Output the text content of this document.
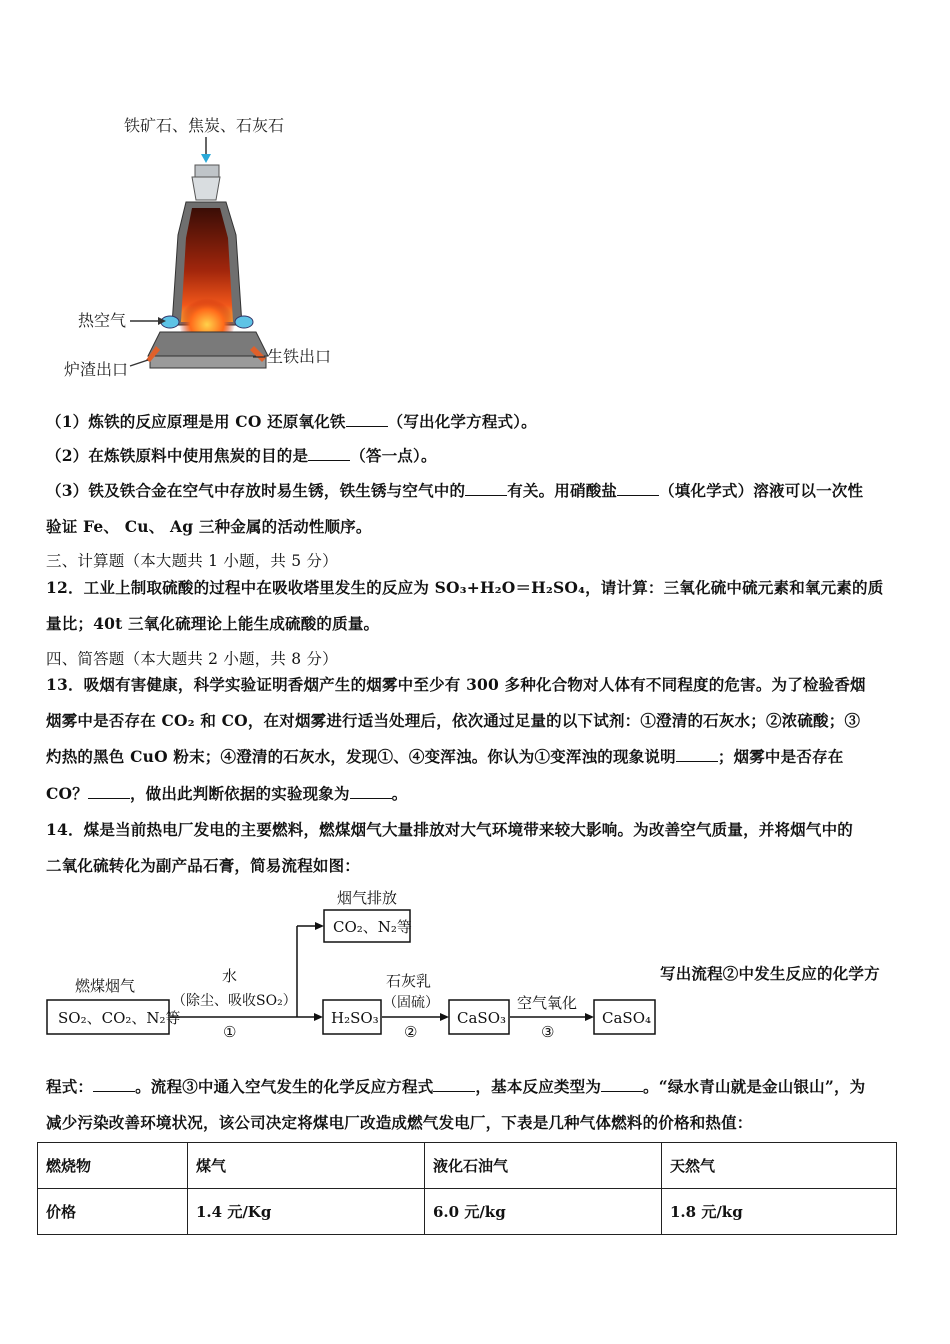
铁矿石、焦炭、石灰石
热空气
炉渣出口
生铁出口
（1）炼铁的反应原理是用 CO 还原氧化铁	（写出化学方程式）。
（2）在炼铁原料中使用焦炭的目的是	（答一点）。
（3）铁及铁合金在空气中存放时易生锈，铁生锈与空气中的	有关。用硝酸盐	（填化学式）溶液可以一次性
验证 Fe、 Cu、 Ag 三种金属的活动性顺序。
三、计算题（本大题共 1 小题，共 5 分）
12．工业上制取硫酸的过程中在吸收塔里发生的反应为 SO₃+H₂O＝H₂SO₄，请计算：三氧化硫中硫元素和氧元素的质
量比；40t 三氧化硫理论上能生成硫酸的质量。
四、简答题（本大题共 2 小题，共 8 分）
13．吸烟有害健康，科学实验证明香烟产生的烟雾中至少有 300 多种化合物对人体有不同程度的危害。为了检验香烟
烟雾中是否存在 CO₂ 和 CO，在对烟雾进行适当处理后，依次通过足量的以下试剂：①澄清的石灰水；②浓硫酸；③
灼热的黑色 CuO 粉末；④澄清的石灰水，发现①、④变浑浊。你认为①变浑浊的现象说明	；烟雾中是否存在
CO？	，做出此判断依据的实验现象为	。
14．煤是当前热电厂发电的主要燃料，燃煤烟气大量排放对大气环境带来较大影响。为改善空气质量，并将烟气中的
二氧化硫转化为副产品石膏，简易流程如图：
SO₂、CO₂、N₂等	H₂SO₃	CaSO₃	CaSO₄
CO₂、N₂等
烟气排放
燃煤烟气
水
（除尘、吸收SO₂）
①
石灰乳
（固硫）
②
空气氧化
③
写出流程②中发生反应的化学方
程式：	。流程③中通入空气发生的化学反应方程式	，基本反应类型为	。“绿水青山就是金山银山”，为
减少污染改善环境状况，该公司决定将煤电厂改造成燃气发电厂，下表是几种气体燃料的价格和热值：
燃烧物	煤气	液化石油气	天然气
价格	1.4 元/Kg	6.0 元/kg	1.8 元/kg
